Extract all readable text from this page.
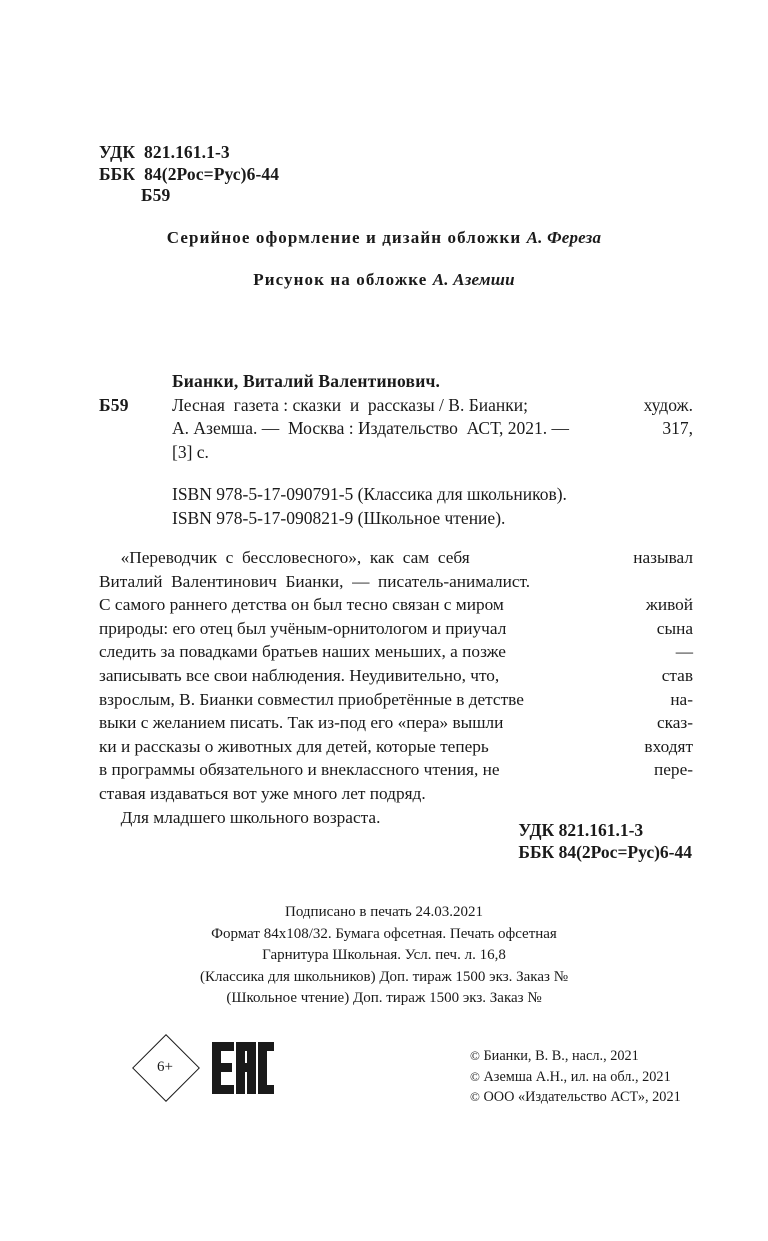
УДК  821.161.1-3
ББК  84(2Рос=Рус)6-44
Б59
Серийное оформление и дизайн обложки А. Фереза
Рисунок на обложке А. Аземши
Бианки, Виталий Валентинович.
Б59 Лесная  газета : сказки  и  рассказы / В. Бианки;	худож.
А. Аземша. —  Москва : Издательство  АСТ, 2021. —	317,
[3] с.
ISBN 978-5-17-090791-5 (Классика для школьников).
ISBN 978-5-17-090821-9 (Школьное чтение).
«Переводчик  с  бессловесного»,  как  сам  себя	называл
Виталий  Валентинович  Бианки,  —  писатель-анималист.
С самого раннего детства он был тесно связан с миром	живой
природы: его отец был учёным-орнитологом и приучал	сына
следить за повадками братьев наших меньших, а позже	—
записывать все свои наблюдения. Неудивительно, что,	став
взрослым, В. Бианки совместил приобретённые в детстве	на-
выки с желанием писать. Так из-под его «пера» вышли	сказ-
ки и рассказы о животных для детей, которые теперь	входят
в программы обязательного и внеклассного чтения, не	пере-
ставая издаваться вот уже много лет подряд.
Для младшего школьного возраста.
УДК 821.161.1-3
ББК 84(2Рос=Рус)6-44
Подписано в печать 24.03.2021
Формат 84х108/32. Бумага офсетная. Печать офсетная
Гарнитура Школьная. Усл. печ. л. 16,8
(Классика для школьников) Доп. тираж 1500 экз. Заказ №
(Школьное чтение) Доп. тираж 1500 экз. Заказ №
6+
© Бианки, В. В., насл., 2021
© Аземша А.Н., ил. на обл., 2021
© ООО «Издательство АСТ», 2021
